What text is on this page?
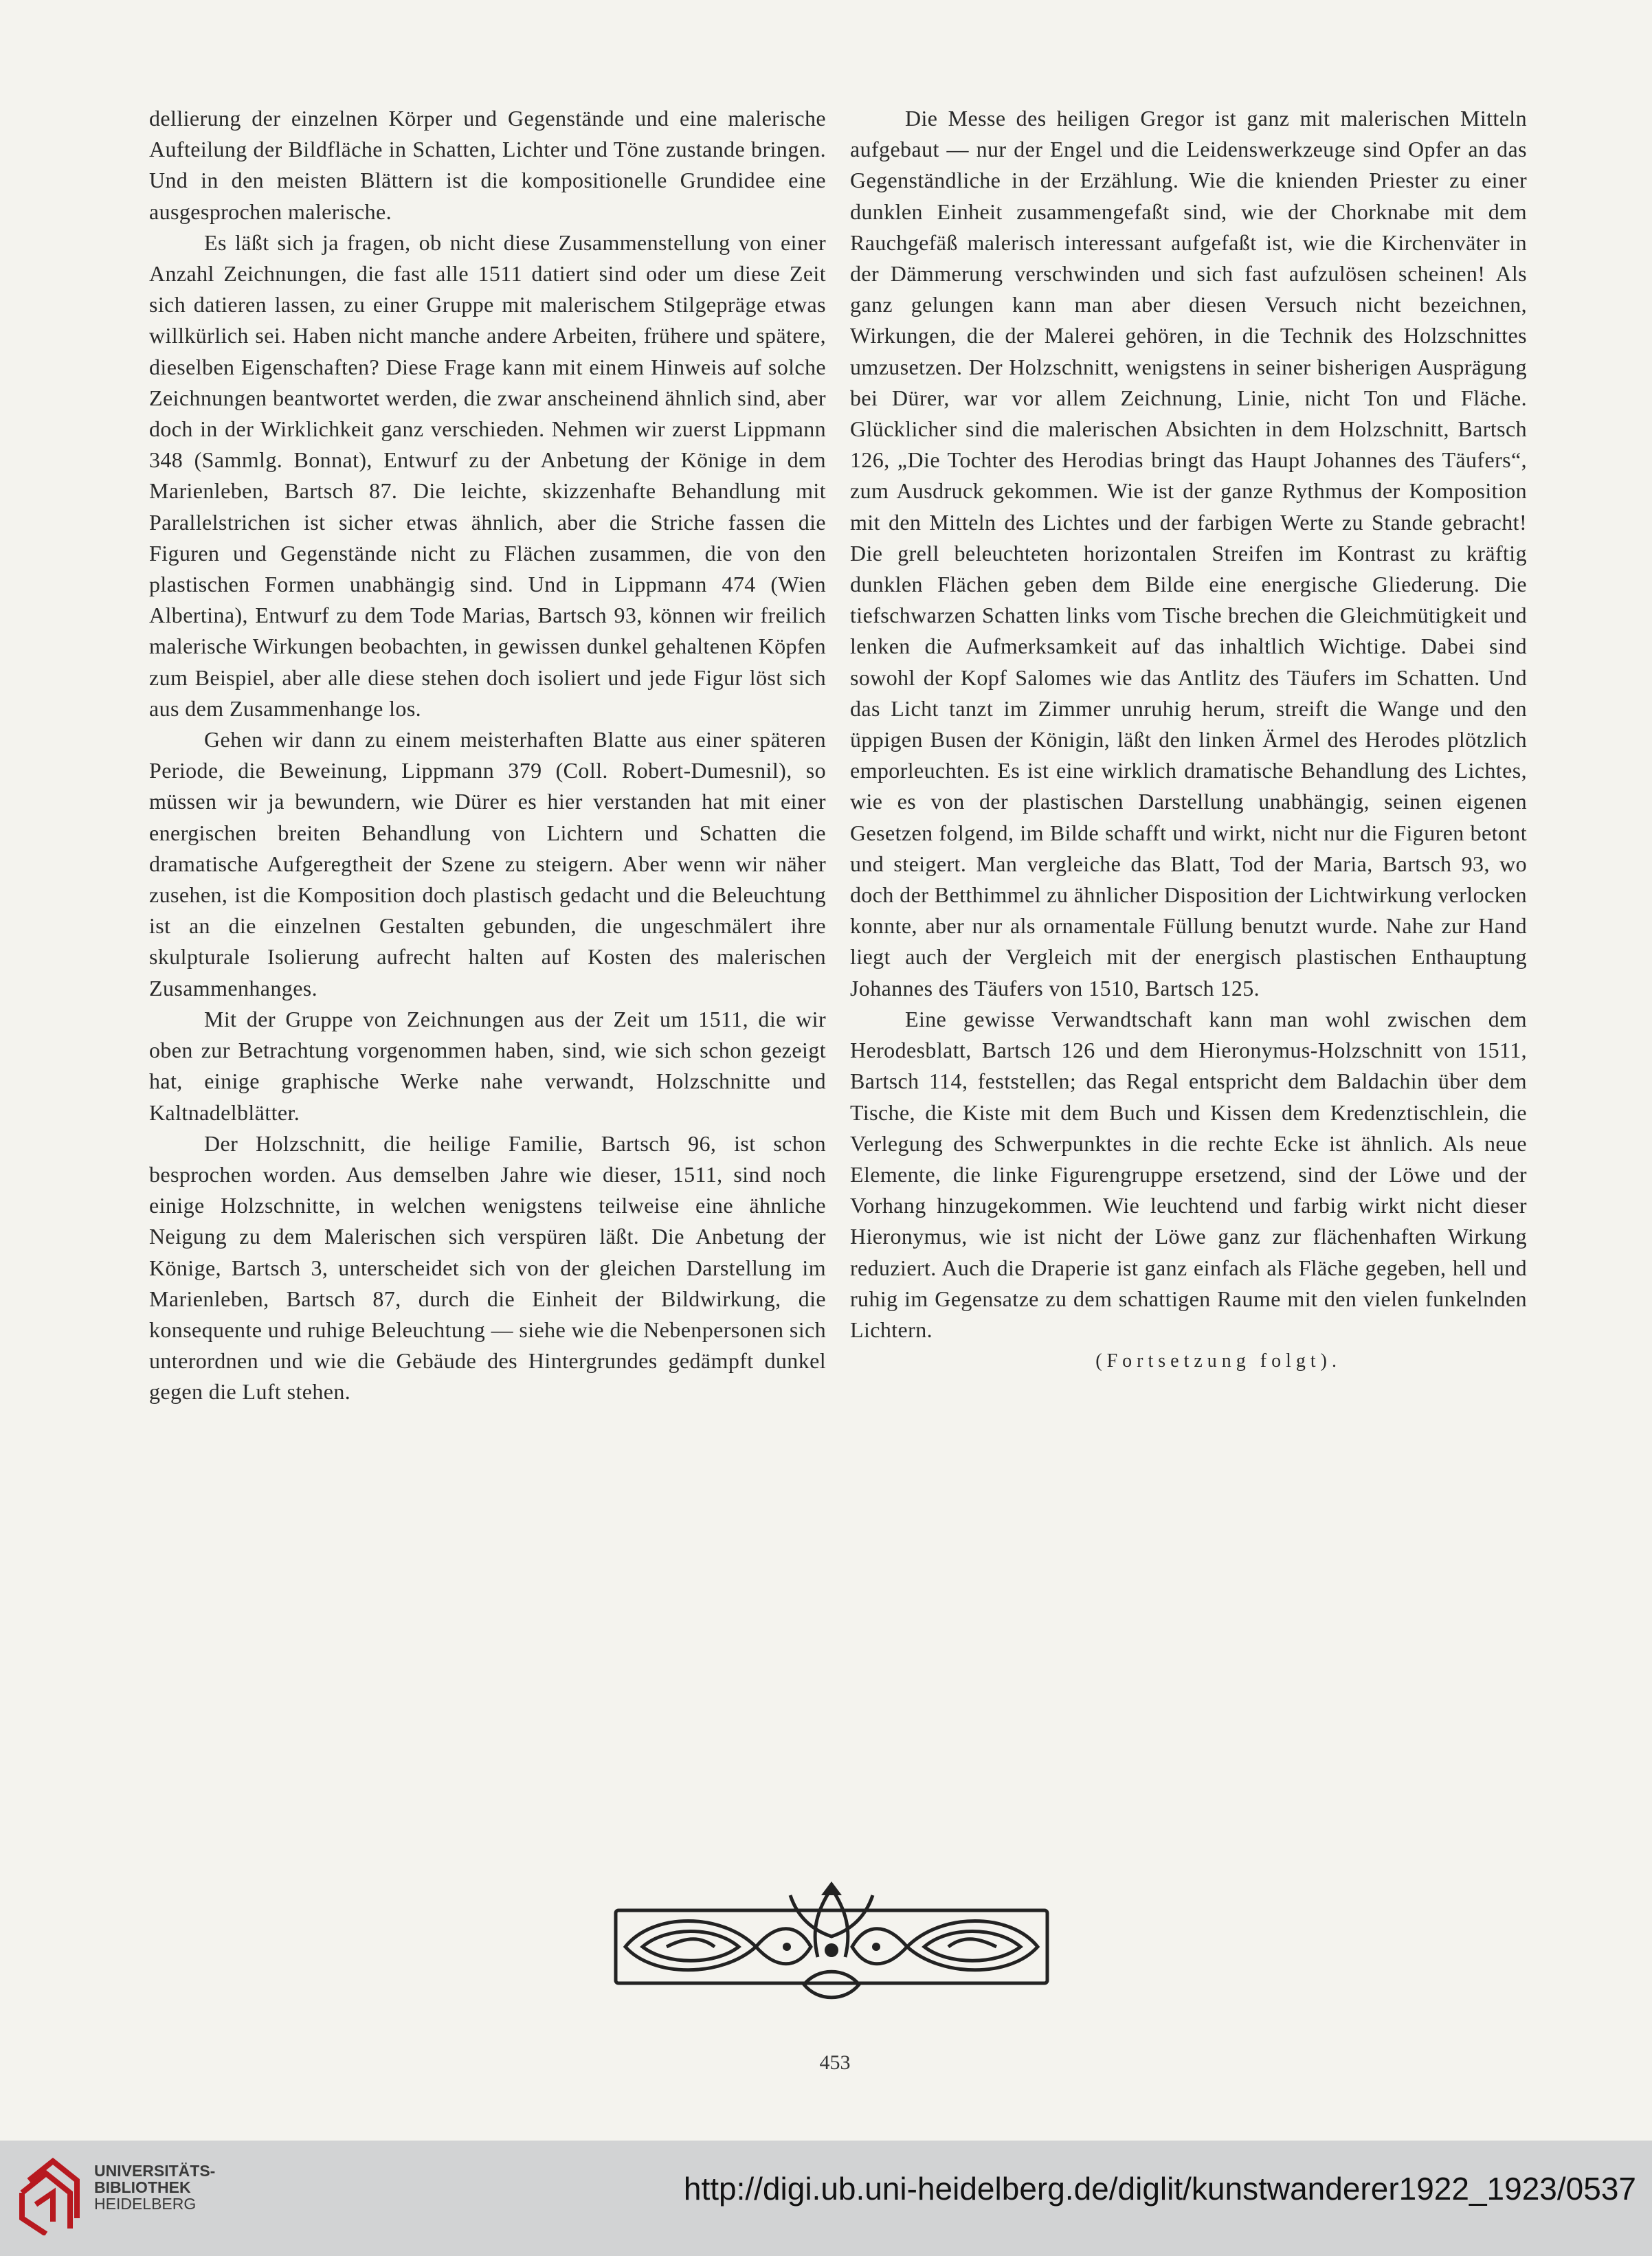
dellierung der einzelnen Körper und Gegenstände und eine malerische Aufteilung der Bildfläche in Schatten, Lichter und Töne zustande bringen. Und in den meisten Blättern ist die kompositionelle Grundidee eine ausgesprochen malerische.

Es läßt sich ja fragen, ob nicht diese Zusammenstellung von einer Anzahl Zeichnungen, die fast alle 1511 datiert sind oder um diese Zeit sich datieren lassen, zu einer Gruppe mit malerischem Stilgepräge etwas willkürlich sei. Haben nicht manche andere Arbeiten, frühere und spätere, dieselben Eigenschaften? Diese Frage kann mit einem Hinweis auf solche Zeichnungen beantwortet werden, die zwar anscheinend ähnlich sind, aber doch in der Wirklichkeit ganz verschieden. Nehmen wir zuerst Lippmann 348 (Sammlg. Bonnat), Entwurf zu der Anbetung der Könige in dem Marienleben, Bartsch 87. Die leichte, skizzenhafte Behandlung mit Parallelstrichen ist sicher etwas ähnlich, aber die Striche fassen die Figuren und Gegenstände nicht zu Flächen zusammen, die von den plastischen Formen unabhängig sind. Und in Lippmann 474 (Wien Albertina), Entwurf zu dem Tode Marias, Bartsch 93, können wir freilich malerische Wirkungen beobachten, in gewissen dunkel gehaltenen Köpfen zum Beispiel, aber alle diese stehen doch isoliert und jede Figur löst sich aus dem Zusammenhange los.

Gehen wir dann zu einem meisterhaften Blatte aus einer späteren Periode, die Beweinung, Lippmann 379 (Coll. Robert-Dumesnil), so müssen wir ja bewundern, wie Dürer es hier verstanden hat mit einer energischen breiten Behandlung von Lichtern und Schatten die dramatische Aufgeregtheit der Szene zu steigern. Aber wenn wir näher zusehen, ist die Komposition doch plastisch gedacht und die Beleuchtung ist an die einzelnen Gestalten gebunden, die ungeschmälert ihre skulpturale Isolierung aufrecht halten auf Kosten des malerischen Zusammenhanges.

Mit der Gruppe von Zeichnungen aus der Zeit um 1511, die wir oben zur Betrachtung vorgenommen haben, sind, wie sich schon gezeigt hat, einige graphische Werke nahe verwandt, Holzschnitte und Kaltnadelblätter.

Der Holzschnitt, die heilige Familie, Bartsch 96, ist schon besprochen worden. Aus demselben Jahre wie dieser, 1511, sind noch einige Holzschnitte, in welchen wenigstens teilweise eine ähnliche Neigung zu dem Malerischen sich verspüren läßt. Die Anbetung der Könige, Bartsch 3, unterscheidet sich von der gleichen Darstellung im Marienleben, Bartsch 87, durch die Einheit der Bildwirkung, die konsequente und ruhige Beleuchtung — siehe wie die Nebenpersonen sich unterordnen und wie die Gebäude des Hintergrundes gedämpft dunkel gegen die Luft stehen.

Die Messe des heiligen Gregor ist ganz mit malerischen Mitteln aufgebaut — nur der Engel und die Leidenswerkzeuge sind Opfer an das Gegenständliche in der Erzählung. Wie die knienden Priester zu einer dunklen Einheit zusammengefaßt sind, wie der Chorknabe mit dem Rauchgefäß malerisch interessant aufgefaßt ist, wie die Kirchenväter in der Dämmerung verschwinden und sich fast aufzulösen scheinen! Als ganz gelungen kann man aber diesen Versuch nicht bezeichnen, Wirkungen, die der Malerei gehören, in die Technik des Holzschnittes umzusetzen. Der Holzschnitt, wenigstens in seiner bisherigen Ausprägung bei Dürer, war vor allem Zeichnung, Linie, nicht Ton und Fläche. Glücklicher sind die malerischen Absichten in dem Holzschnitt, Bartsch 126, „Die Tochter des Herodias bringt das Haupt Johannes des Täufers“, zum Ausdruck gekommen. Wie ist der ganze Rythmus der Komposition mit den Mitteln des Lichtes und der farbigen Werte zu Stande gebracht! Die grell beleuchteten horizontalen Streifen im Kontrast zu kräftig dunklen Flächen geben dem Bilde eine energische Gliederung. Die tiefschwarzen Schatten links vom Tische brechen die Gleichmütigkeit und lenken die Aufmerksamkeit auf das inhaltlich Wichtige. Dabei sind sowohl der Kopf Salomes wie das Antlitz des Täufers im Schatten. Und das Licht tanzt im Zimmer unruhig herum, streift die Wange und den üppigen Busen der Königin, läßt den linken Ärmel des Herodes plötzlich emporleuchten. Es ist eine wirklich dramatische Behandlung des Lichtes, wie es von der plastischen Darstellung unabhängig, seinen eigenen Gesetzen folgend, im Bilde schafft und wirkt, nicht nur die Figuren betont und steigert. Man vergleiche das Blatt, Tod der Maria, Bartsch 93, wo doch der Betthimmel zu ähnlicher Disposition der Lichtwirkung verlocken konnte, aber nur als ornamentale Füllung benutzt wurde. Nahe zur Hand liegt auch der Vergleich mit der energisch plastischen Enthauptung Johannes des Täufers von 1510, Bartsch 125.

Eine gewisse Verwandtschaft kann man wohl zwischen dem Herodesblatt, Bartsch 126 und dem Hieronymus-Holzschnitt von 1511, Bartsch 114, feststellen; das Regal entspricht dem Baldachin über dem Tische, die Kiste mit dem Buch und Kissen dem Kredenztischlein, die Verlegung des Schwerpunktes in die rechte Ecke ist ähnlich. Als neue Elemente, die linke Figurengruppe ersetzend, sind der Löwe und der Vorhang hinzugekommen. Wie leuchtend und farbig wirkt nicht dieser Hieronymus, wie ist nicht der Löwe ganz zur flächenhaften Wirkung reduziert. Auch die Draperie ist ganz einfach als Fläche gegeben, hell und ruhig im Gegensatze zu dem schattigen Raume mit den vielen funkelnden Lichtern.

(Fortsetzung folgt).

453
UNIVERSITÄTS-
BIBLIOTHEK
HEIDELBERG	http://digi.ub.uni-heidelberg.de/diglit/kunstwanderer1922_1923/0537
